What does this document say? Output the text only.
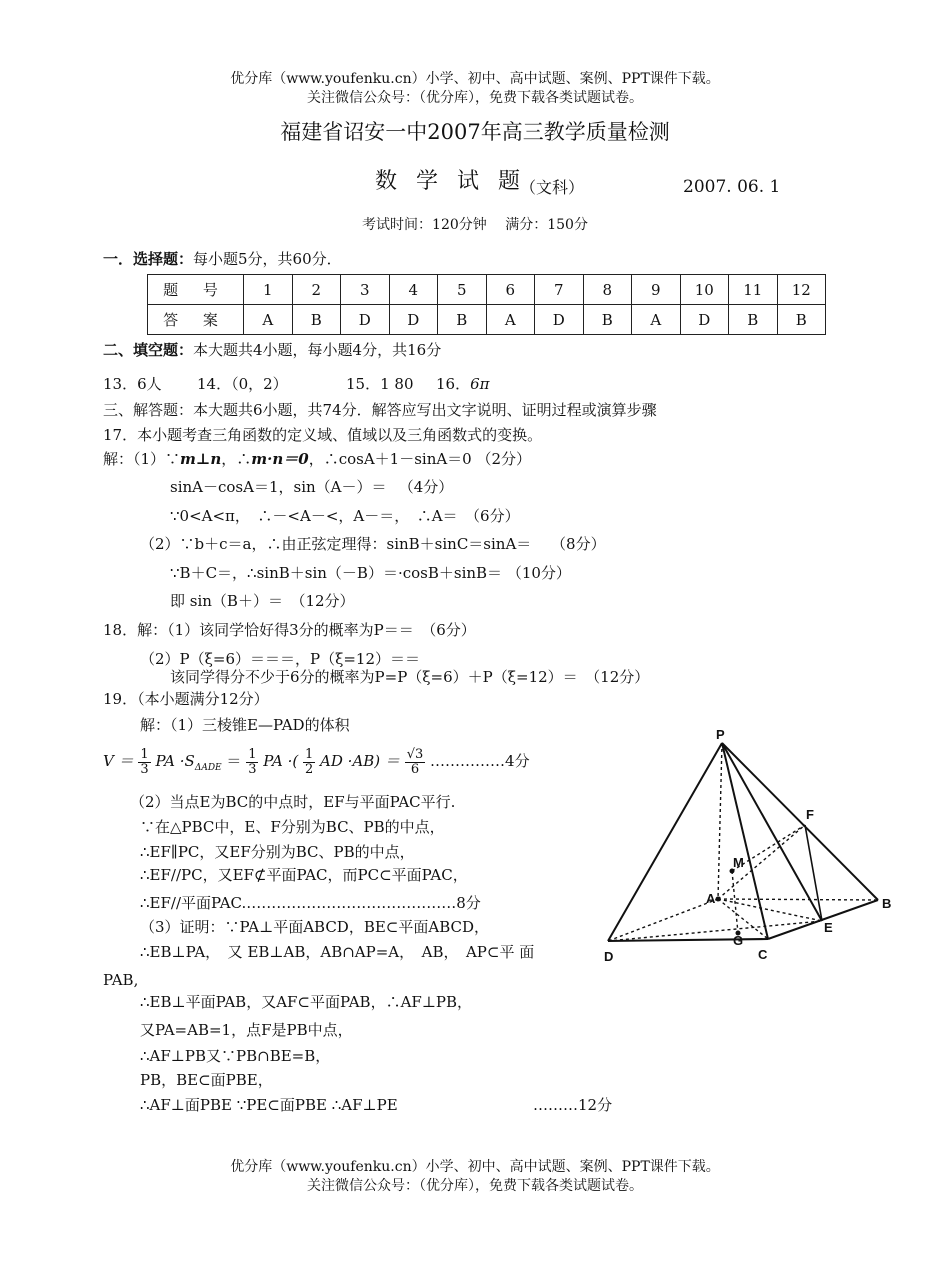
优分库（www.youfenku.cn）小学、初中、高中试题、案例、PPT课件下载。
关注微信公众号：（优分库），免费下载各类试题试卷。
福建省诏安一中2007年高三教学质量检测
数 学 试 题
（文科）	2007. 06. 1
考试时间：120分钟　 满分：150分
一．选择题：每小题5分，共60分．
题 号	1	2	3	4	5	6	7	8	9	10	11	12
答 案	A	B	D	D	B	A	D	B	A	D	B	B
二、填空题：本大题共4小题，每小题4分，共16分
13．6人 14．（0，2）	15．1 80 16．6π
三、解答题：本大题共6小题，共74分．解答应写出文字说明、证明过程或演算步骤
17．本小题考查三角函数的定义域、值域以及三角函数式的变换。
解：（1）∵m⊥n，∴m·n＝0，∴cosA＋1－sinA＝0 （2分）
sinA－cosA＝1，sin（A－）＝ 　（4分）
∵0<A<π，　∴－<A－<，A－＝，　∴A＝　（6分）
（2）∵b＋c＝a，∴由正弦定理得：sinB＋sinC＝sinA＝　 （8分）
∵B＋C＝，∴sinB＋sin（－B）＝·cosB＋sinB＝ （10分）
即 sin（B＋）＝　（12分）
18．解：（1）该同学恰好得3分的概率为P＝＝　（6分）
（2）P（ξ=6）＝＝＝，P（ξ=12）＝＝
该同学得分不少于6分的概率为P=P（ξ=6）＋P（ξ=12）＝　（12分）
19．（本小题满分12分）
解：（1）三棱锥E—PAD的体积
$V = \frac{1}{3}$ PA $\cdot S_{\Delta ADE} = \frac{1}{3}$ PA ·( $\frac{1}{2}$ AD $\cdot AB) = \frac{√3}{6}$ ……………4分
（2）当点E为BC的中点时，EF与平面PAC平行.
∵在△PBC中，E、F分别为BC、PB的中点，
∴EF∥PC，又EF分别为BC、PB的中点，
∴EF//PC，又EF⊄平面PAC，而PC⊂平面PAC，
∴EF//平面PAC.……………………………………8分
（3）证明：∵PA⊥平面ABCD，BE⊂平面ABCD，
∴EB⊥PA，　又 EB⊥AB，AB∩AP=A，　AB，　AP⊂平 面
PAB,
∴EB⊥平面PAB，又AF⊂平面PAB，∴AF⊥PB，
又PA=AB=1，点F是PB中点，
∴AF⊥PB又∵PB∩BE=B，
PB，BE⊂面PBE，
∴AF⊥面PBE ∵PE⊂面PBE ∴AF⊥PE	………12分
P
F
M
A	B
E
G
C
D
优分库（www.youfenku.cn）小学、初中、高中试题、案例、PPT课件下载。
关注微信公众号：（优分库），免费下载各类试题试卷。
